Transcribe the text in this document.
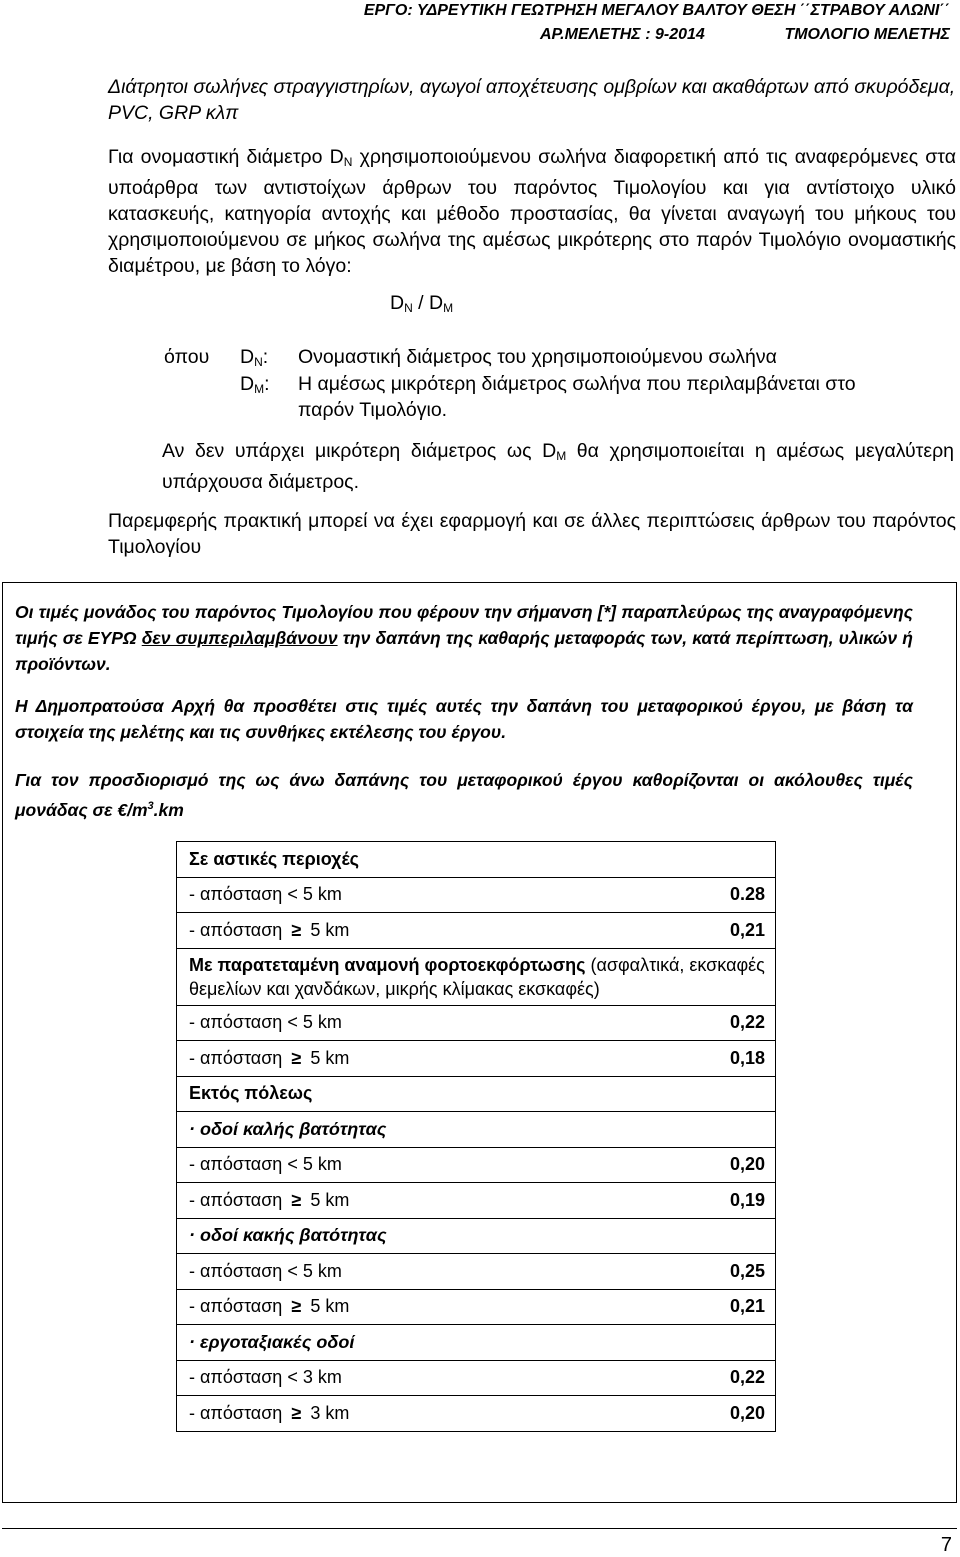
ΕΡΓΟ: ΥΔΡΕΥΤΙΚΗ ΓΕΩΤΡΗΣΗ ΜΕΓΑΛΟΥ ΒΑΛΤΟΥ ΘΕΣΗ ΄΄ΣΤΡΑΒΟΥ ΑΛΩΝΙ΄΄
ΑΡ.ΜΕΛΕΤΗΣ : 9-2014	ΤΜΟΛΟΓΙΟ ΜΕΛΕΤΗΣ
Διάτρητοι σωλήνες στραγγιστηρίων, αγωγοί αποχέτευσης ομβρίων και ακαθάρτων από σκυρόδεμα, PVC, GRP κλπ
Για ονομαστική διάμετρο $D_N$ χρησιμοποιούμενου σωλήνα διαφορετική από τις αναφερόμενες στα υποάρθρα των αντιστοίχων άρθρων του παρόντος Τιμολογίου και για αντίστοιχο υλικό κατασκευής, κατηγορία αντοχής και μέθοδο προστασίας, θα γίνεται αναγωγή του μήκους του χρησιμοποιούμενου σε μήκος σωλήνα της αμέσως μικρότερης στο παρόν Τιμολόγιο ονομαστικής διαμέτρου, με βάση το λόγο:
$D_N / D_M$
όπου $D_N$: Ονομαστική διάμετρος του χρησιμοποιούμενου σωλήνα
$D_M$: Η αμέσως μικρότερη διάμετρος σωλήνα που περιλαμβάνεται στο
παρόν Τιμολόγιο.
Αν δεν υπάρχει μικρότερη διάμετρος ως $D_M$ θα χρησιμοποιείται η αμέσως μεγαλύτερη υπάρχουσα διάμετρος.
Παρεμφερής πρακτική μπορεί να έχει εφαρμογή και σε άλλες περιπτώσεις άρθρων του παρόντος Τιμολογίου
Οι τιμές μονάδος του παρόντος Τιμολογίου που φέρουν την σήμανση [*] παραπλεύρως της αναγραφόμενης τιμής σε ΕΥΡΩ δεν συμπεριλαμβάνουν την δαπάνη της καθαρής μεταφοράς των, κατά περίπτωση, υλικών ή προϊόντων.
Η Δημοπρατούσα Αρχή θα προσθέτει στις τιμές αυτές την δαπάνη του μεταφορικού έργου, με βάση τα στοιχεία της μελέτης και τις συνθήκες εκτέλεσης του έργου.
Για τον προσδιορισμό της ως άνω δαπάνης του μεταφορικού έργου καθορίζονται οι ακόλουθες τιμές μονάδας σε $€/m^3.km$
Σε αστικές περιοχές	
- απόσταση < 5 km	0.28
- απόσταση ≥ 5 km	0,21
Με παρατεταμένη αναμονή φορτοεκφόρτωσης (ασφαλτικά, εκσκαφές θεμελίων και χανδάκων, μικρής κλίμακας εκσκαφές)	
- απόσταση < 5 km	0,22
- απόσταση ≥ 5 km	0,18
Εκτός πόλεως	
· οδοί καλής βατότητας	
- απόσταση < 5 km	0,20
- απόσταση ≥ 5 km	0,19
· οδοί κακής βατότητας	
- απόσταση < 5 km	0,25
- απόσταση ≥ 5 km	0,21
· εργοταξιακές οδοί	
- απόσταση < 3 km	0,22
- απόσταση ≥ 3 km	0,20
7
